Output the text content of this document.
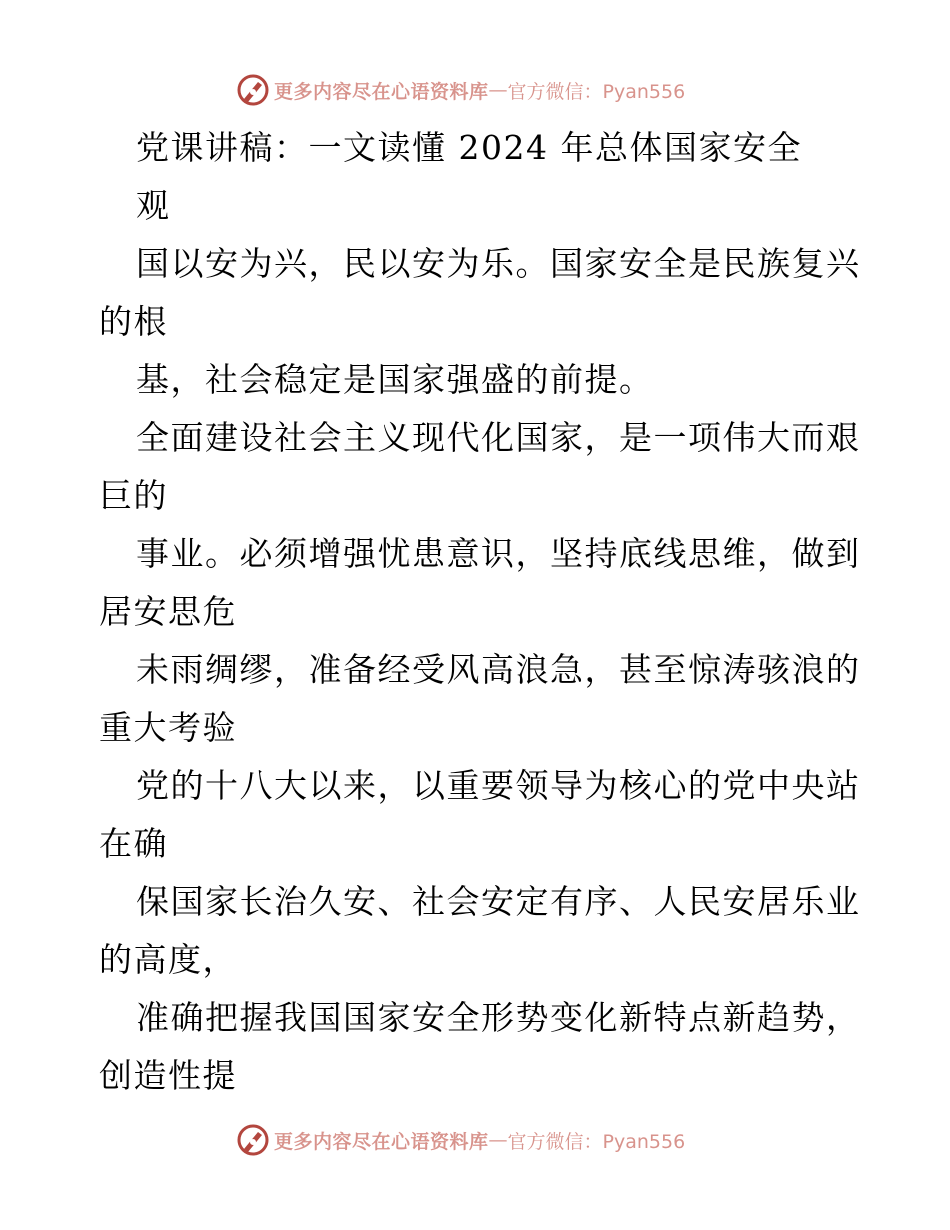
更多内容尽在心语资料库 — 官方微信：Pyan556
党课讲稿：一文读懂 2024 年总体国家安全
观
国以安为兴，民以安为乐。国家安全是民族复兴
的根
基，社会稳定是国家强盛的前提。
全面建设社会主义现代化国家，是一项伟大而艰
巨的
事业。必须增强忧患意识，坚持底线思维，做到
居安思危
未雨绸缪，准备经受风高浪急，甚至惊涛骇浪的
重大考验
党的十八大以来，以重要领导为核心的党中央站
在确
保国家长治久安、社会安定有序、人民安居乐业
的高度，
准确把握我国国家安全形势变化新特点新趋势，
创造性提
更多内容尽在心语资料库 — 官方微信：Pyan556
